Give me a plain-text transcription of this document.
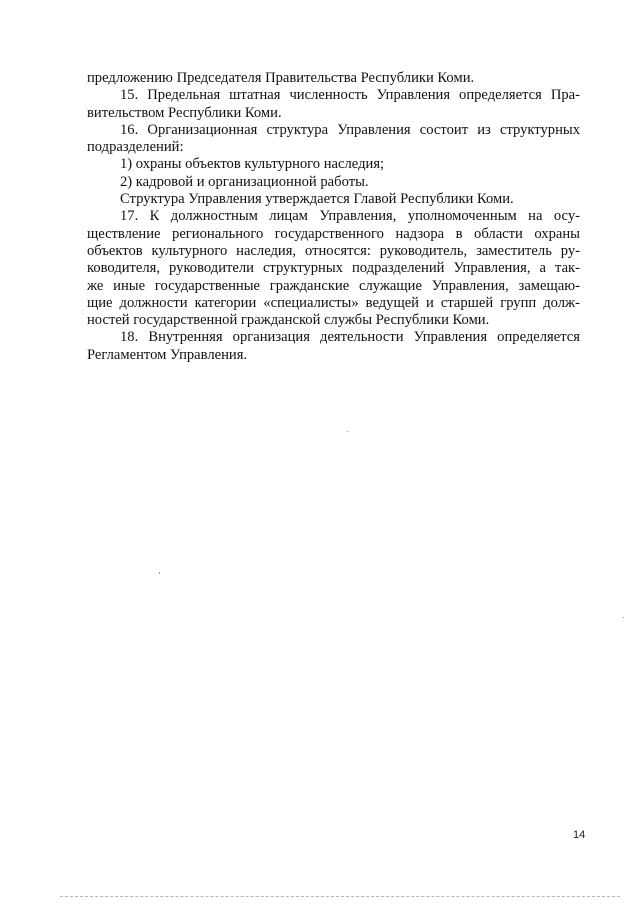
предложению Председателя Правительства Республики Коми.
15. Предельная штатная численность Управления определяется Пра-
вительством Республики Коми.
16. Организационная структура Управления состоит из структурных
подразделений:
1) охраны объектов культурного наследия;
2) кадровой и организационной работы.
Структура Управления утверждается Главой Республики Коми.
17. К должностным лицам Управления, уполномоченным на осу-
ществление регионального государственного надзора в области охраны
объектов культурного наследия, относятся: руководитель, заместитель ру-
ководителя, руководители структурных подразделений Управления, а так-
же иные государственные гражданские служащие Управления, замещаю-
щие должности категории «специалисты» ведущей и старшей групп долж-
ностей государственной гражданской службы Республики Коми.
18. Внутренняя организация деятельности Управления определяется
Регламентом Управления.
14
